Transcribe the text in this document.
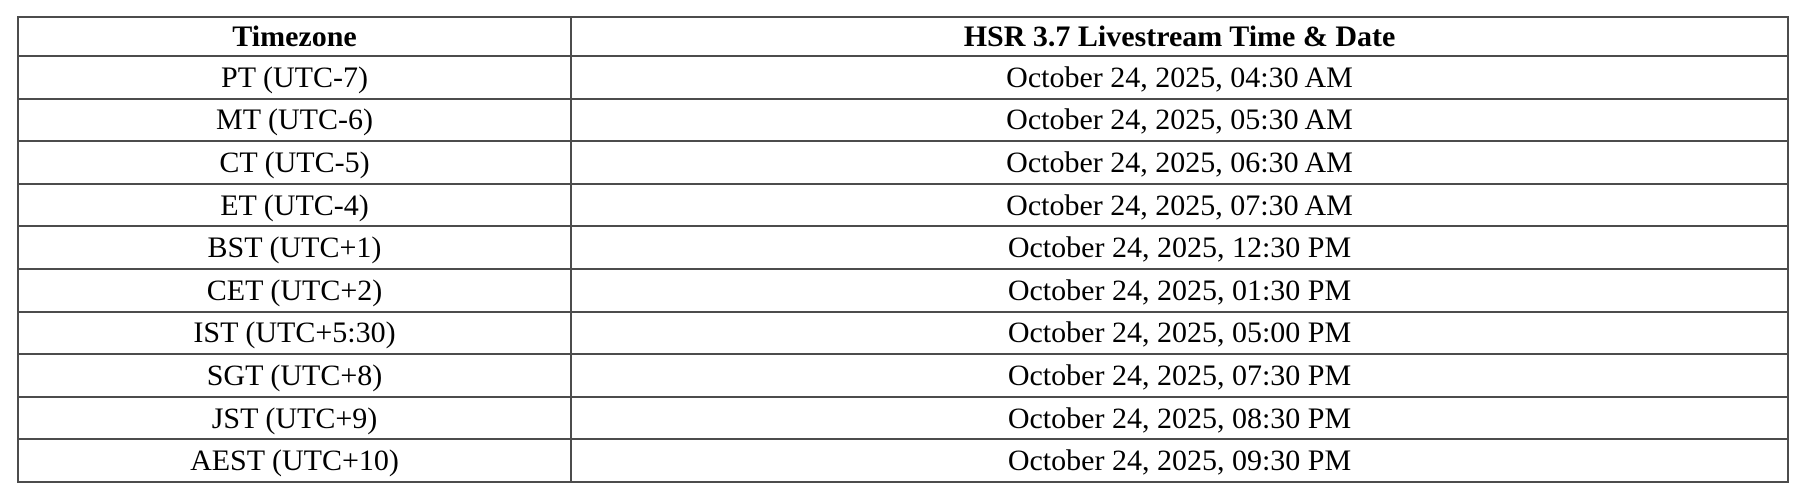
Timezone	HSR 3.7 Livestream Time & Date
PT (UTC-7)	October 24, 2025, 04:30 AM
MT (UTC-6)	October 24, 2025, 05:30 AM
CT (UTC-5)	October 24, 2025, 06:30 AM
ET (UTC-4)	October 24, 2025, 07:30 AM
BST (UTC+1)	October 24, 2025, 12:30 PM
CET (UTC+2)	October 24, 2025, 01:30 PM
IST (UTC+5:30)	October 24, 2025, 05:00 PM
SGT (UTC+8)	October 24, 2025, 07:30 PM
JST (UTC+9)	October 24, 2025, 08:30 PM
AEST (UTC+10)	October 24, 2025, 09:30 PM
